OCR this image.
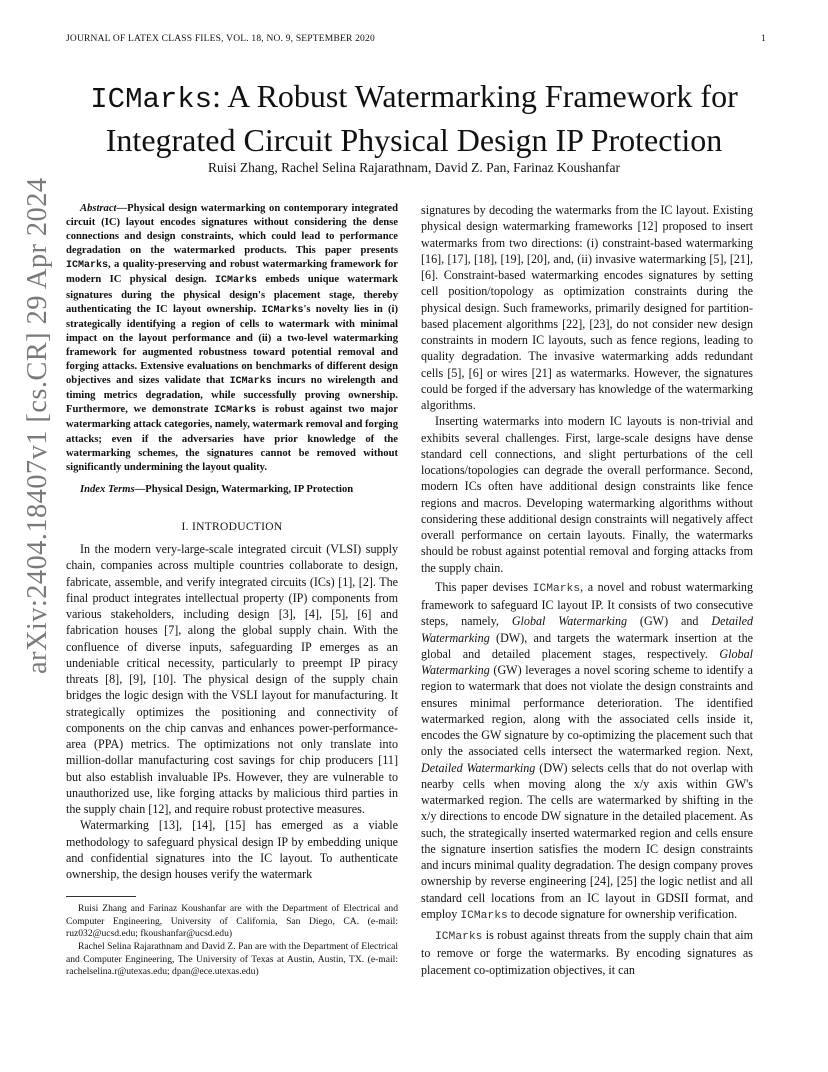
JOURNAL OF LATEX CLASS FILES, VOL. 18, NO. 9, SEPTEMBER 2020	1
arXiv:2404.18407v1 [cs.CR] 29 Apr 2024
ICMarks: A Robust Watermarking Framework for
Integrated Circuit Physical Design IP Protection
Ruisi Zhang, Rachel Selina Rajarathnam, David Z. Pan, Farinaz Koushanfar

Abstract—Physical design watermarking on contemporary integrated circuit (IC) layout encodes signatures without considering the dense connections and design constraints, which could lead to performance degradation on the watermarked products. This paper presents ICMarks, a quality-preserving and robust watermarking framework for modern IC physical design. ICMarks embeds unique watermark signatures during the physical design's placement stage, thereby authenticating the IC layout ownership. ICMarks's novelty lies in (i) strategically identifying a region of cells to watermark with minimal impact on the layout performance and (ii) a two-level watermarking framework for augmented robustness toward potential removal and forging attacks. Extensive evaluations on benchmarks of different design objectives and sizes validate that ICMarks incurs no wirelength and timing metrics degradation, while successfully proving ownership. Furthermore, we demonstrate ICMarks is robust against two major watermarking attack categories, namely, watermark removal and forging attacks; even if the adversaries have prior knowledge of the watermarking schemes, the signatures cannot be removed without significantly undermining the layout quality.

Index Terms—Physical Design, Watermarking, IP Protection

I. INTRODUCTION

In the modern very-large-scale integrated circuit (VLSI) supply chain, companies across multiple countries collaborate to design, fabricate, assemble, and verify integrated circuits (ICs) [1], [2]. The final product integrates intellectual property (IP) components from various stakeholders, including design [3], [4], [5], [6] and fabrication houses [7], along the global supply chain. With the confluence of diverse inputs, safeguarding IP emerges as an undeniable critical necessity, particularly to preempt IP piracy threats [8], [9], [10]. The physical design of the supply chain bridges the logic design with the VSLI layout for manufacturing. It strategically optimizes the positioning and connectivity of components on the chip canvas and enhances power-performance-area (PPA) metrics. The optimizations not only translate into million-dollar manufacturing cost savings for chip producers [11] but also establish invaluable IPs. However, they are vulnerable to unauthorized use, like forging attacks by malicious third parties in the supply chain [12], and require robust protective measures.

Watermarking [13], [14], [15] has emerged as a viable methodology to safeguard physical design IP by embedding unique and confidential signatures into the IC layout. To authenticate ownership, the design houses verify the watermark

Ruisi Zhang and Farinaz Koushanfar are with the Department of Electrical and Computer Engineering, University of California, San Diego, CA. (e-mail: ruz032@ucsd.edu; fkoushanfar@ucsd.edu)

Rachel Selina Rajarathnam and David Z. Pan are with the Department of Electrical and Computer Engineering, The University of Texas at Austin, Austin, TX. (e-mail: rachelselina.r@utexas.edu; dpan@ece.utexas.edu)

signatures by decoding the watermarks from the IC layout. Existing physical design watermarking frameworks [12] proposed to insert watermarks from two directions: (i) constraint-based watermarking [16], [17], [18], [19], [20], and, (ii) invasive watermarking [5], [21], [6]. Constraint-based watermarking encodes signatures by setting cell position/topology as optimization constraints during the physical design. Such frameworks, primarily designed for partition-based placement algorithms [22], [23], do not consider new design constraints in modern IC layouts, such as fence regions, leading to quality degradation. The invasive watermarking adds redundant cells [5], [6] or wires [21] as watermarks. However, the signatures could be forged if the adversary has knowledge of the watermarking algorithms.

Inserting watermarks into modern IC layouts is non-trivial and exhibits several challenges. First, large-scale designs have dense standard cell connections, and slight perturbations of the cell locations/topologies can degrade the overall performance. Second, modern ICs often have additional design constraints like fence regions and macros. Developing watermarking algorithms without considering these additional design constraints will negatively affect overall performance on certain layouts. Finally, the watermarks should be robust against potential removal and forging attacks from the supply chain.

This paper devises ICMarks, a novel and robust watermarking framework to safeguard IC layout IP. It consists of two consecutive steps, namely, Global Watermarking (GW) and Detailed Watermarking (DW), and targets the watermark insertion at the global and detailed placement stages, respectively. Global Watermarking (GW) leverages a novel scoring scheme to identify a region to watermark that does not violate the design constraints and ensures minimal performance deterioration. The identified watermarked region, along with the associated cells inside it, encodes the GW signature by co-optimizing the placement such that only the associated cells intersect the watermarked region. Next, Detailed Watermarking (DW) selects cells that do not overlap with nearby cells when moving along the x/y axis within GW's watermarked region. The cells are watermarked by shifting in the x/y directions to encode DW signature in the detailed placement. As such, the strategically inserted watermarked region and cells ensure the signature insertion satisfies the modern IC design constraints and incurs minimal quality degradation. The design company proves ownership by reverse engineering [24], [25] the logic netlist and all standard cell locations from an IC layout in GDSII format, and employ ICMarks to decode signature for ownership verification.

ICMarks is robust against threats from the supply chain that aim to remove or forge the watermarks. By encoding signatures as placement co-optimization objectives, it can
